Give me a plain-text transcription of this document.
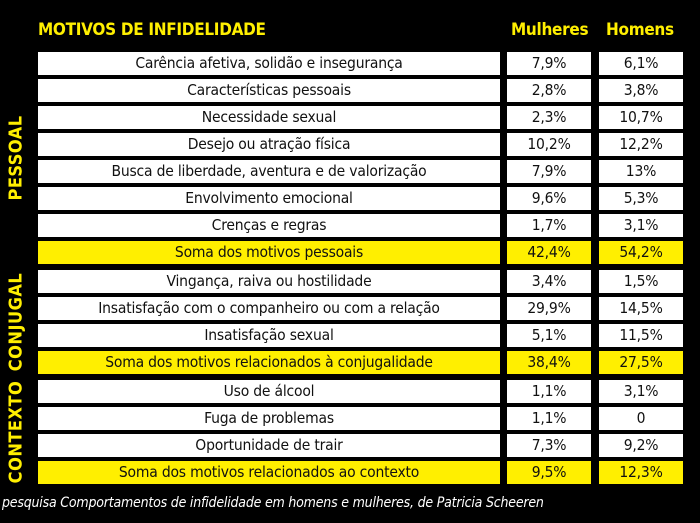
MOTIVOS DE INFIDELIDADE	Mulheres Homens
Carência afetiva, solidão e insegurança	7,9%	6,1%
Características pessoais	2,8%	3,8%
Necessidade sexual	2,3%	10,7%
Desejo ou atração física	10,2%	12,2%
Busca de liberdade, aventura e de valorização	7,9%	13%
Envolvimento emocional	9,6%	5,3%
Crenças e regras	1,7%	3,1%
Soma dos motivos pessoais	42,4%	54,2%
PESSOAL
Vingança, raiva ou hostilidade	3,4%	1,5%
Insatisfação com o companheiro ou com a relação	29,9%	14,5%
Insatisfação sexual	5,1%	11,5%
Soma dos motivos relacionados à conjugalidade	38,4%	27,5%
CONJUGAL
Uso de álcool	1,1%	3,1%
Fuga de problemas	1,1%	0
Oportunidade de trair	7,3%	9,2%
Soma dos motivos relacionados ao contexto	9,5%	12,3%
CONTEXTO
pesquisa Comportamentos de infidelidade em homens e mulheres, de Patricia Scheeren
